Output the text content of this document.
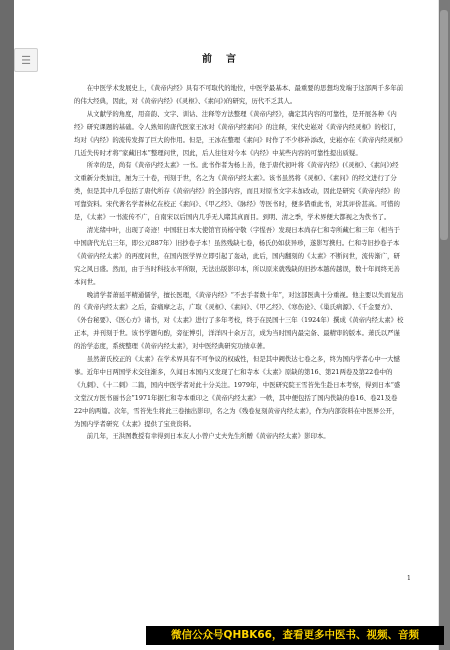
前言

在中医学术发展史上，《黄帝内经》具有不可取代的地位，中医学最基本、最重要的思想均发端于这部两千多年前的伟大经典，因此，对《黄帝内经》(《灵枢》、《素问》)的研究，历代不乏其人。

从文献学的角度，用音韵、文字、训诂、注释等方法整理《黄帝内经》，确定其内容的可靠性，是开展各种《内经》研究课题的基础。令人熟知的唐代医家王冰对《黄帝内经素问》的注释，宋代史崧对《黄帝内经灵枢》的校订，均对《内经》的流传发挥了巨大的作用。但是，王冰在整理《素问》时作了不少移补添改，史崧亦在《黄帝内经灵枢》几近失传时才将“家藏旧本”整理问世，因此，后人往往对今本《内经》中某些内容的可靠性提出质疑。

所幸的是，尚有《黄帝内经太素》一书。此书作者为杨上善，他于唐代初叶将《黄帝内经》(《灵枢》、《素问》)经文重新分类加注，厘为三十卷，刊刻于世，名之为《黄帝内经太素》。该书虽然将《灵枢》、《素问》的经文进行了分类，但是其中几乎包括了唐代所存《黄帝内经》的全部内容，而且对原书文字未加改动，因此是研究《黄帝内经》的可靠资料。宋代著名学者林亿在校正《素问》、《甲乙经》、《脉经》等医书时，便多借重此书，对其评价甚高。可惜的是，《太素》一书流传不广，自南宋以后国内几乎无人睹其真面目。到明、清之季，学术界便大都视之为佚书了。

清光绪中叶，出现了奇迹！中国驻日本大使馆官员杨守敬（字惺吾）发现日本尚存仁和寺所藏仁和三年（相当于中国唐代光启三年，即公元887年）旧抄卷子本！虽然残缺七卷，杨氏仍如获异珍，遂影写携归。仁和寺旧抄卷子本《黄帝内经太素》的再度问世，在国内医学界立即引起了轰动，此后，国内翻刻的《太素》不断问世，流传渐广，研究之风日盛。然而，由于当时科技水平所限，无法出版影印本，所以原来就残缺的旧抄本越传越误，数十年间终无善本问世。

晚清学者萧延平精通儒学，擅长医理，《黄帝内经》“不去手者数十年”，对这部医典十分重视。他主要以失而复出的《黄帝内经太素》之后，奋痛摩之志，广取《灵枢》、《素问》、《甲乙经》、《寒伤论》、《巢氏病源》、《千金要方》、《外台秘要》、《医心方》诸书，对《太素》进行了多年考校，终于在民国十三年（1924年）撰成《黄帝内经太素》校正本，并刊刻于世。该书学题句酌，旁征博引，洋洋四十余万言，成为当时国内最完备、最精审的版本。萧氏以严谨的治学态度，系统整理《黄帝内经太素》，对中医经典研究功绩卓著。

虽然萧氏校正的《太素》在学术界具有不可争议的权威性，但是其中阙佚达七卷之多，终为国内学者心中一大憾事。近年中日两国学术交往渐多，久闻日本国内又发现了仁和寺本《太素》原缺的第16、第21两卷及第22卷中的《九刺》、《十二刺》二篇，国内中医学者对此十分关注。1979年，中医研究院王雪苔先生赴日本考察，得到日本“盛文堂汉方医书丽书会”1971年据仁和寺本重印之《黄帝内经太素》一帙，其中便包括了国内佚缺的卷16、卷21及卷22中的两篇。次年，雪苔先生将此三卷抽出影印，名之为《残卷复刻黄帝内经太素》，作为内部资料在中医界公开，为国内学者研究《太素》提供了宝贵资料。

前几年，王洪图教授有幸得到日本友人小曾户丈夫先生所赠《黄帝内经太素》影印本。

1
☰
微信公众号QHBK66，查看更多中医书、视频、音频
